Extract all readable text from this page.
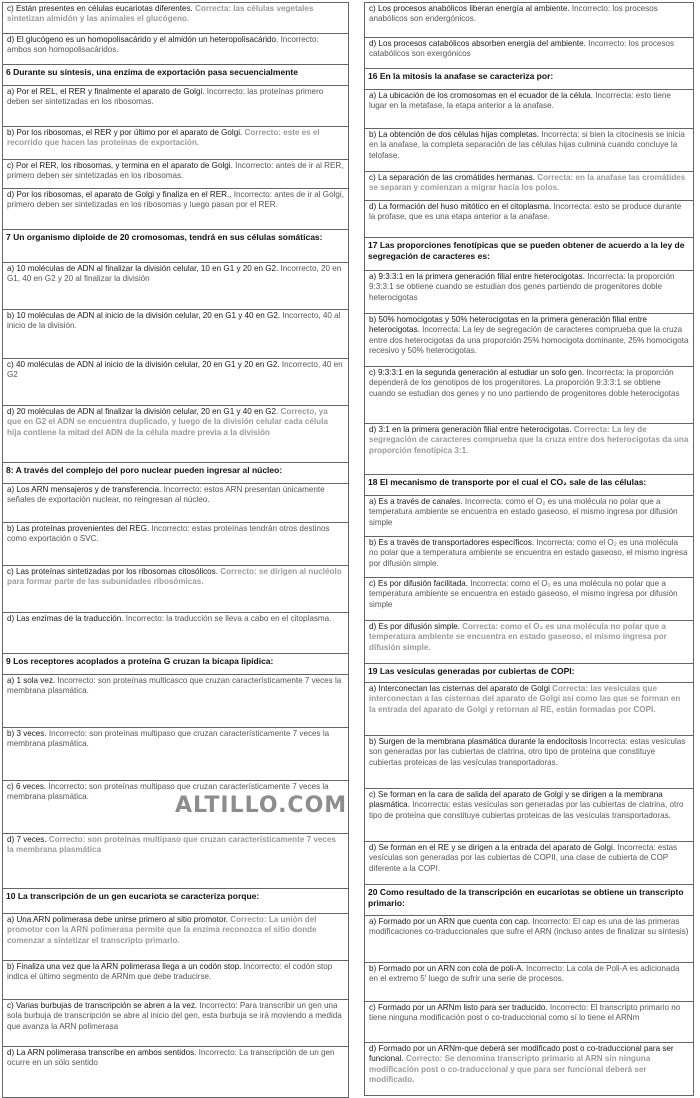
c) Están presentes en células eucariotas diferentes. Correcta: las células vegetales sintetizan almidón y las animales el glucógeno.
d) El glucógeno es un homopolisacárido y el almidón un heteropolisacárido. Incorrecto: ambos son homopolisacáridos.
6 Durante su síntesis, una enzima de exportación pasa secuencialmente
a) Por el REL, el RER y finalmente el aparato de Golgi. Incorrecto: las proteínas primero deben ser sintetizadas en los ribosomas.
b) Por los ribosomas, el RER y por último por el aparato de Golgi. Correcto: este es el recorrido que hacen las proteínas de exportación.
c) Por el RER, los ribosomas, y termina en el aparato de Golgi. Incorrecto: antes de ir al RER, primero deben ser sintetizadas en los ribosomas.
d) Por los ribosomas, el aparato de Golgi y finaliza en el RER.. Incorrecto: antes de ir al Golgi, primero deben ser sintetizadas en los ribosomas y luego pasan por el RER.
7 Un organismo diploide de 20 cromosomas, tendrá en sus células somáticas:
a) 10 moléculas de ADN al finalizar la división celular, 10 en G1 y 20 en G2. Incorrecto, 20 en G1, 40 en G2 y 20 al finalizar la división
b) 10 moléculas de ADN al inicio de la división celular, 20 en G1 y 40 en G2. Incorrecto, 40 al inicio de la división.
c) 40 moléculas de ADN al inicio de la división celular, 20 en G1 y 20 en G2. Incorrecto, 40 en G2
d) 20 moléculas de ADN al finalizar la división celular, 20 en G1 y 40 en G2. Correcto, ya que en G2 el ADN se encuentra duplicado, y luego de la división celular cada célula hija contiene la mitad del ADN de la célula madre previa a la división
8: A través del complejo del poro nuclear pueden ingresar al núcleo:
a) Los ARN mensajeros y de transferencia. Incorrecto: estos ARN presentan únicamente señales de exportación nuclear, no reingresan al núcleo.
b) Las proteínas provenientes del REG. Incorrecto: estas proteínas tendrán otros destinos como exportación o SVC.
c) Las proteínas sintetizadas por los ribosomas citosólicos. Correcto: se dirigen al nucléolo para formar parte de las subunidades ribosómicas.
d) Las enzimas de la traducción. Incorrecto: la traducción se lleva a cabo en el citoplasma.
9 Los receptores acoplados a proteína G cruzan la bicapa lipídica:
a) 1 sola vez. Incorrecto: son proteínas multicasco que cruzan característicamente 7 veces la membrana plasmática.
b) 3 veces. Incorrecto: son proteínas multipaso que cruzan característicamente 7 veces la membrana plasmática.
c) 6 veces. Incorrecto: son proteínas multipaso que cruzan característicamente 7 veces la membrana plasmática.
d) 7 veces. Correcto: son proteínas multipaso que cruzan característicamente 7 veces la membrana plasmática
10 La transcripción de un gen eucariota se caracteriza porque:
a) Una ARN polimerasa debe unirse primero al sitio promotor. Correcto: La unión del promotor con la ARN polimerasa permite que la enzima reconozca el sitio donde comenzar a sintetizar el transcripto primario.
b) Finaliza una vez que la ARN polimerasa llega a un codón stop. Incorrecto: el codón stop indica el último segmento de ARNm que debe traducirse.
c) Varias burbujas de transcripción se abren a la vez. Incorrecto: Para transcribir un gen una sola burbuja de transcripción se abre al inicio del gen, esta burbuja se irá moviendo a medida que avanza la ARN polimerasa
d) La ARN polimerasa transcribe en ambos sentidos. Incorrecto: La transcripción de un gen ocurre en un sólo sentido
c) Los procesos anabólicos liberan energía al ambiente. Incorrecto: los procesos anabólicos son endergónicos.
d) Los procesos catabólicos absorben energía del ambiente. Incorrecto: los procesos catabólicos son exergónicos
16 En la mitosis la anafase se caracteriza por:
a) La ubicación de los cromosomas en el ecuador de la célula. Incorrecta: esto tiene lugar en la metafase, la etapa anterior a la anafase.
b) La obtención de dos células hijas completas. Incorrecta: si bien la citocinesis se inicia en la anafase, la completa separación de las células hijas culmina cuando concluye la telofase.
c) La separación de las cromátides hermanas. Correcta: en la anafase las cromátides se separan y comienzan a migrar hacia los polos.
d) La formación del huso mitótico en el citoplasma. Incorrecta: esto se produce durante la profase, que es una etapa anterior a la anafase.
17 Las proporciones fenotípicas que se pueden obtener de acuerdo a la ley de segregación de caracteres es:
a) 9:3:3:1 en la primera generación filial entre heterocigotas. Incorrecta: la proporción 9:3:3:1 se obtiene cuando se estudian dos genes partiendo de progenitores doble heterocigotas
b) 50% homocigotas y 50% heterocigotas en la primera generación filial entre heterocigotas. Incorrecta: La ley de segregación de caracteres comprueba que la cruza entre dos heterocigotas da una proporción 25% homocigota dominante, 25% homocigota recesivo y 50% heterocigotas.
c) 9:3:3:1 en la segunda generación al estudiar un solo gen. Incorrecta: la proporción dependerá de los genotipos de los progenitores. La proporción 9:3:3:1 se obtiene cuando se estudian dos genes y no uno partiendo de progenitores doble heterocigotas
d) 3:1 en la primera generación filial entre heterocigotas. Correcta: La ley de segregación de caracteres comprueba que la cruza entre dos heterocigotas da una proporción fenotípica 3:1.
18 El mecanismo de transporte por el cual el CO₂ sale de las células:
a) Es a través de canales. Incorrecta: como el O₂ es una molécula no polar que a temperatura ambiente se encuentra en estado gaseoso, el mismo ingresa por difusión simple
b) Es a través de transportadores específicos. Incorrecta: como el O₂ es una molécula no polar que a temperatura ambiente se encuentra en estado gaseoso, el mismo ingresa por difusión simple.
c) Es por difusión facilitada. Incorrecta: como el O₂ es una molécula no polar que a temperatura ambiente se encuentra en estado gaseoso, el mismo ingresa por difusión simple
d) Es por difusión simple. Correcta: como el O₂ es una molécula no polar que a temperatura ambiente se encuentra en estado gaseoso, el mismo ingresa por difusión simple.
19 Las vesículas generadas por cubiertas de COPI:
a) Interconectan las cisternas del aparato de Golgi Correcta: las vesículas que interconectan a las cisternas del aparato de Golgi así como las que se forman en la entrada del aparato de Golgi y retornan al RE, están formadas por COPI.
b) Surgen de la membrana plasmática durante la endocitosis Incorrecta: estas vesículas son generadas por las cubiertas de clatrina, otro tipo de proteína que constituye cubiertas proteicas de las vesículas transportadoras.
c) Se forman en la cara de salida del aparato de Golgi y se dirigen a la membrana plasmática. Incorrecta: estas vesículas son generadas por las cubiertas de clatrina, otro tipo de proteína que constituye cubiertas proteicas de las vesículas transportadoras.
d) Se forman en el RE y se dirigen a la entrada del aparato de Golgi. Incorrecta: estas vesículas son generadas por las cubiertas de COPII, una clase de cubierta de COP diferente a la COPI.
20 Como resultado de la transcripción en eucariotas se obtiene un transcripto primario:
a) Formado por un ARN que cuenta con cap. Incorrecto: El cap es una de las primeras modificaciones co-traduccionales que sufre el ARN (incluso antes de finalizar su síntesis)
b) Formado por un ARN con cola de poli-A. Incorrecto: La cola de Poli-A es adicionada en el extremo 5' luego de sufrir una serie de procesos.
c) Formado por un ARNm listo para ser traducido. Incorrecto: El transcripto primario no tiene ninguna modificación post o co-traduccional como sí lo tiene el ARNm
d) Formado por un ARNm-que deberá ser modificado post o co-traduccional para ser funcional. Correcto: Se denomina transcripto primario al ARN sin ninguna modificación post o co-traduccional y que para ser funcional deberá ser modificado.
ALTILLO.COM
